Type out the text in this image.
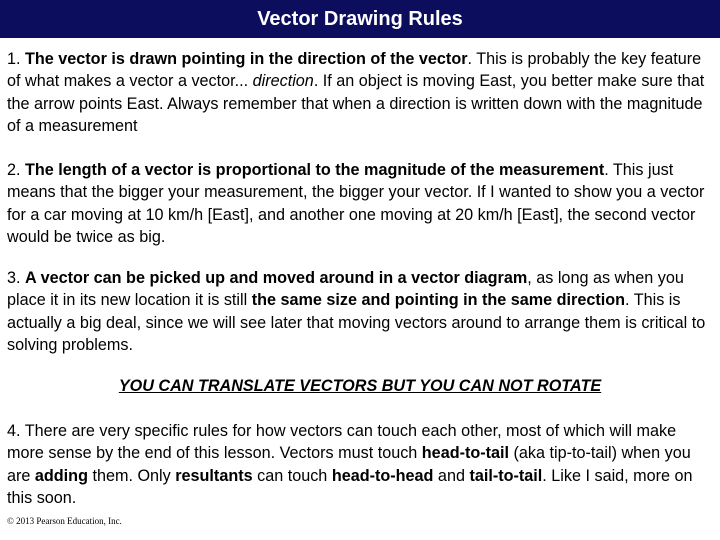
Vector Drawing Rules

1. The vector is drawn pointing in the direction of the vector. This is probably the key feature of what makes a vector a vector... direction. If an object is moving East, you better make sure that the arrow points East. Always remember that when a direction is written down with the magnitude of a measurement

2. The length of a vector is proportional to the magnitude of the measurement. This just means that the bigger your measurement, the bigger your vector. If I wanted to show you a vector for a car moving at 10 km/h [East], and another one moving at 20 km/h [East], the second vector would be twice as big.

3. A vector can be picked up and moved around in a vector diagram, as long as when you place it in its new location it is still the same size and pointing in the same direction. This is actually a big deal, since we will see later that moving vectors around to arrange them is critical to solving problems.

YOU CAN TRANSLATE VECTORS BUT YOU CAN NOT ROTATE

4. There are very specific rules for how vectors can touch each other, most of which will make more sense by the end of this lesson. Vectors must touch head-to-tail (aka tip-to-tail) when you are adding them. Only resultants can touch head-to-head and tail-to-tail. Like I said, more on this soon.

© 2013 Pearson Education, Inc.
